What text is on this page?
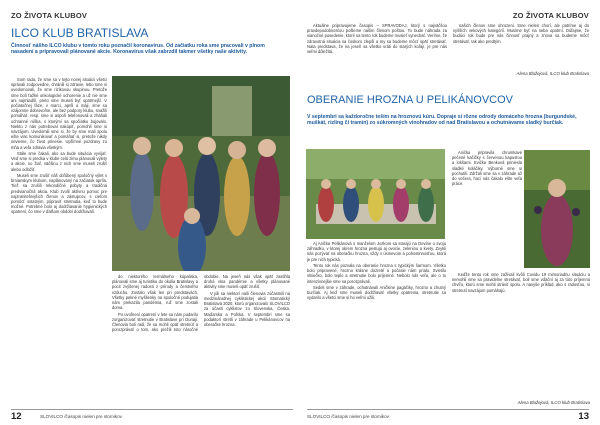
ZO ŽIVOTA KLUBOV
ILCO KLUB BRATISLAVA
Činnosť nášho ILCO klubu v tomto roku poznačil koronavírus. Od začiatku roka sme pracovali v plnom nasadení a pripravovali plánované akcie. Koronavírus však zabrzdil takmer všetky naše aktivity.

Som rada, že sme sa v tejto novej situácii všetci správali zodpovedne, chránili si zdravie, lebo sme si uvedomovali, že sme rizikovou skupinou. Pretože sme boli ťažké onkologické ochorenie a už nie sme ani najmladší, preto sme museli byť opatrnejší. V počiatočnej fáze, v marci, apríli a máji, sme sa vzájomne dobrovoľne, ale bez podpory klubu, snažili pomáhať, resp. sme si aspoň telefonovali a zháňali ochranné rúška, s ktorými sa spočiatku bojovalo. Niekto z nás potreboval nakúpiť, pomohli sme si navzájom. Uvedomili sme si, že by sme mali spolu ešte viac komunikovať a pomáhať si, pretože nikdy nevieme, čo život prinesie. Upřímné pozdravy zo mňa a veľa zdravia všetkým.

Stále sme čakali, ako sa bude situácia vyvíjať. Veď sme si predsa v klube celú zimu plánovali výlety a akcie, no žiaľ, väčšinu z nich sme museli zrušiť alebo odložiť.

Museli sme zrušiť náš obľúbený spoločný výlet s brnianskym klubom, naplánovaný na začiatok apríla. Tiež sa zrušili rekondičné pobyty a tradičná predvianočná akcia. Klub zvolil aktívnu pomoc pre najzraniteľnejších členov a zástupcov, s cieľom pomôcť ostatným, pripraviť stretnutia, keď to bude možné. Potrebné bolo aj dodržiavanie hygienických opatrení, čo sme v ďalšom období dodržiavali.

do niektorého termálneho kúpaliska, plánovali sme aj turistiku do okolia Bratislavy a pocit zvýšenej radosti z prírody a čerstvého vzduchu. Zostalo však len pri predstavách. Všetky pekné myšlienky na spoločné podujatia nám prekazila pandémia, ruž sme zostali doma.

Po uvoľnení opatrení v lete sa nám podarilo zorganizovať stretnutie v Bratislave pri Dunaji. Členovia boli radi, že sa mohli opäť stretnúť a porozprávať o tom, ako prežili toto náročné obdobie. Na jeseň nás však opäť zastihla druhá vlna pandémie a všetky plánované aktivity sme museli opäť zrušiť.

V júli sa niektorí naši členovia zúčastnili na medzinárodnej cyklistickej akcii Stomatický Bratislava 2020, ktorú organizovalo SLOVILCO za účasti cyklistov zo Slovenska, Česka, Maďarska a Poľska. V septembri sme sa podaktorí stretli v záhrade u Pelikánovcov na oberačke hrozna.

12	SLOVILCO /časopis nielen pre stomikov
ZO ŽIVOTA KLUBOV

Aktuálne pripravujeme časopis – SPRAVODAJ, ktorý s najväčšou pravdepodobnosťou pošleme našim členom poštou. To bude náhrada za vianočné posedenie, ktoré sa tento rok budeme musieť vynechať. Veríme, že zdravotná situácia sa čoskoro zlepší a my sa budeme môcť opäť stretávať. Nata predstava, že na jeseň sa všetko vráti do starých koľají, je pre nás veľmi dôležitá.

našich členov sme ohrozeni. Sme nielen chorí, ale patríme aj do vyšších vekových kategórií. Musíme byť na seba opatrní. Dúfajme, že budúci rok bude pre nás činnosť prajný a znova sa budeme môcť stretávať, tak ako predtým.

Alena Blažejová, ILCO klub Bratislava
OBERANIE HROZNA U PELIKÁNOVCOV
V septembri sa každoročne teším na hroznovú kúru. Dopraje si rôzne odrody domáceho hrozna (burgundské, muškát, rizling či tramín) zo súkromných vinohradov od nad Bratislavou a ochutnávame sladký burčiak.

Aj Anička Pelikánová s manželom Jozkom sa starajú na Devíne o svoju záhradku, v ktorej okrem hrozna pestujú aj ovocie, zeleninu a kvety. Zvykli nás pozývať na oberačku hrozna, vždy s úsmevom a pohostinnosťou, ktorá je pre nich typická.

Tento rok nás pozvala na oberanie hrozna s typickým šarmom. Všetko bolo pripravené, hrozno krásne dozreté a počasie nám prialo. Svietilo slniečko, bolo teplo a stretnutie bolo príjemné. Nebolo nás veľa, ale o to intenzívnejšie sme sa porozprávali.

Sedeli sme v záhrade, ochutnávali Aničkine pagáčiky, hrozno a chutný burčiak. Aj keď sme museli dodržiavať všetky opatrenia, stretnutie sa vydarilo a všetci sme si ho veľmi užili.

Anička pripravila chrumkavé pečené kačičky s červenou kapustou a lokšami. Evička Benková priniesla sladké koláčiky. Výborné sme si pochutili. Zdržali sme sa v záhrade až do večera, hoci nás čakalo ešte veľa práce.

Keďže tento rok sme zažívali kvôli Covidu 19 mimoriadnu situáciu a nemohli sme sa pravidelne stretávať, boli sme vďační aj za túto príjemnú chvíľu, ktorú sme mohli stráviť spolu. A navyše príklad, ako s radosťou, si stretnutí navzájom pomáhajú.

Alena Blažejová, ILCO klub Bratislava
SLOVILCO /časopis nielen pre stomikov	13
